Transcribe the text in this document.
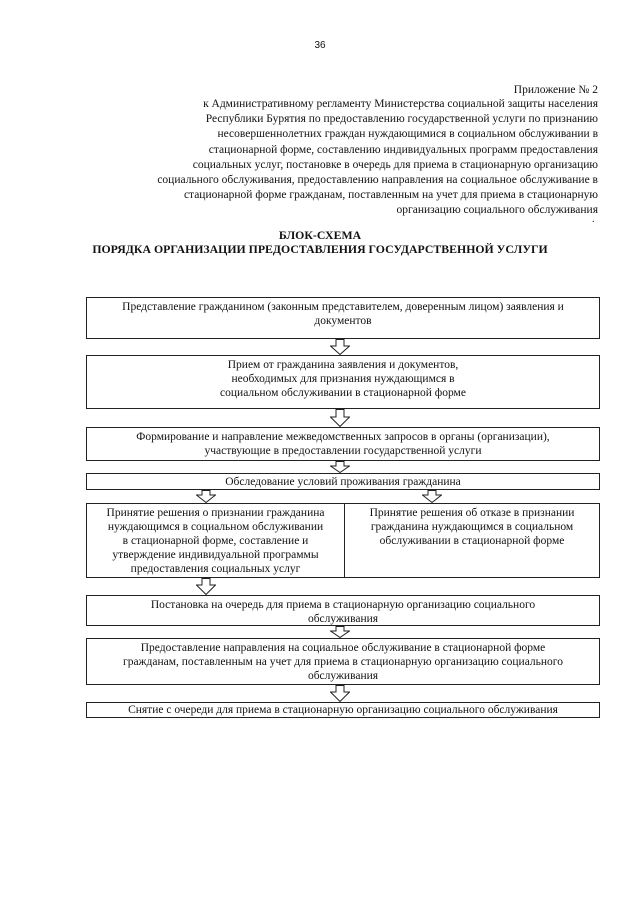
36
Приложение № 2
к Административному регламенту Министерства социальной защиты населения
Республики Бурятия по предоставлению государственной услуги по признанию
несовершеннолетних граждан нуждающимися в социальном обслуживании в
стационарной форме, составлению индивидуальных программ предоставления
социальных услуг, постановке в очередь для приема в стационарную организацию
социального обслуживания, предоставлению направления на социальное обслуживание в
стационарной форме гражданам, поставленным на учет для приема в стационарную
организацию социального обслуживания
.
БЛОК-СХЕМА
ПОРЯДКА ОРГАНИЗАЦИИ ПРЕДОСТАВЛЕНИЯ ГОСУДАРСТВЕННОЙ УСЛУГИ
Представление гражданином (законным представителем, доверенным лицом) заявления и
документов
Прием от гражданина заявления и документов,
необходимых для признания нуждающимся в
социальном обслуживании в стационарной форме
Формирование и направление межведомственных запросов в органы (организации),
участвующие в предоставлении государственной услуги
Обследование условий проживания гражданина
Принятие решения о признании гражданина
нуждающимся в социальном обслуживании
в стационарной форме, составление и
утверждение индивидуальной программы
предоставления социальных услуг
Принятие решения об отказе в признании
гражданина нуждающимся в социальном
обслуживании в стационарной форме
Постановка на очередь для приема в стационарную организацию социального
обслуживания
Предоставление направления на социальное обслуживание в стационарной форме
гражданам, поставленным на учет для приема в стационарную организацию социального
обслуживания
Снятие с очереди для приема в стационарную организацию социального обслуживания
